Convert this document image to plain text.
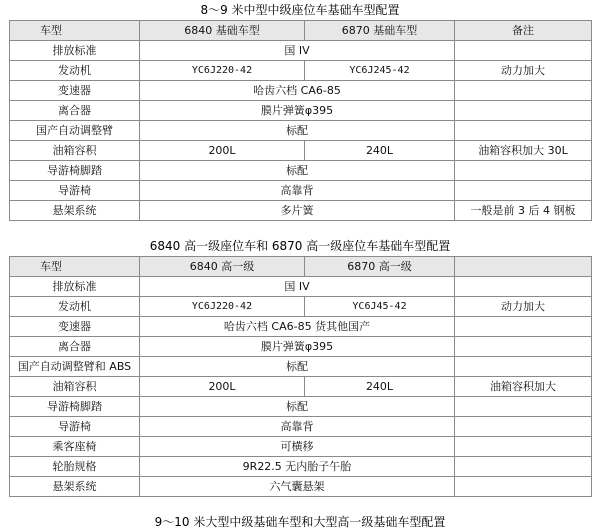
8～9 米中型中级座位车基础车型配置
车型	6840 基础车型	6870 基础车型	备注
排放标准	国 IV		
发动机	YC6J220-42	YC6J245-42	动力加大
变速器	哈齿六档 CA6-85		
离合器	膜片弹簧φ395		
国产自动调整臂	标配		
油箱容积	200L	240L	油箱容积加大 30L
导游椅脚踏	标配		
导游椅	高靠背		
悬架系统	多片簧		一般是前 3 后 4 钢板
6840 高一级座位车和 6870 高一级座位车基础车型配置
车型	6840 高一级	6870 高一级	
排放标准	国 IV		
发动机	YC6J220-42	YC6J45-42	动力加大
变速器	哈齿六档 CA6-85 货其他国产		
离合器	膜片弹簧φ395		
国产自动调整臂和 ABS	标配		
油箱容积	200L	240L	油箱容积加大
导游椅脚踏	标配		
导游椅	高靠背		
乘客座椅	可横移		
轮胎规格	9R22.5 无内胎子午胎		
悬架系统	六气囊悬架		
9～10 米大型中级基础车型和大型高一级基础车型配置
